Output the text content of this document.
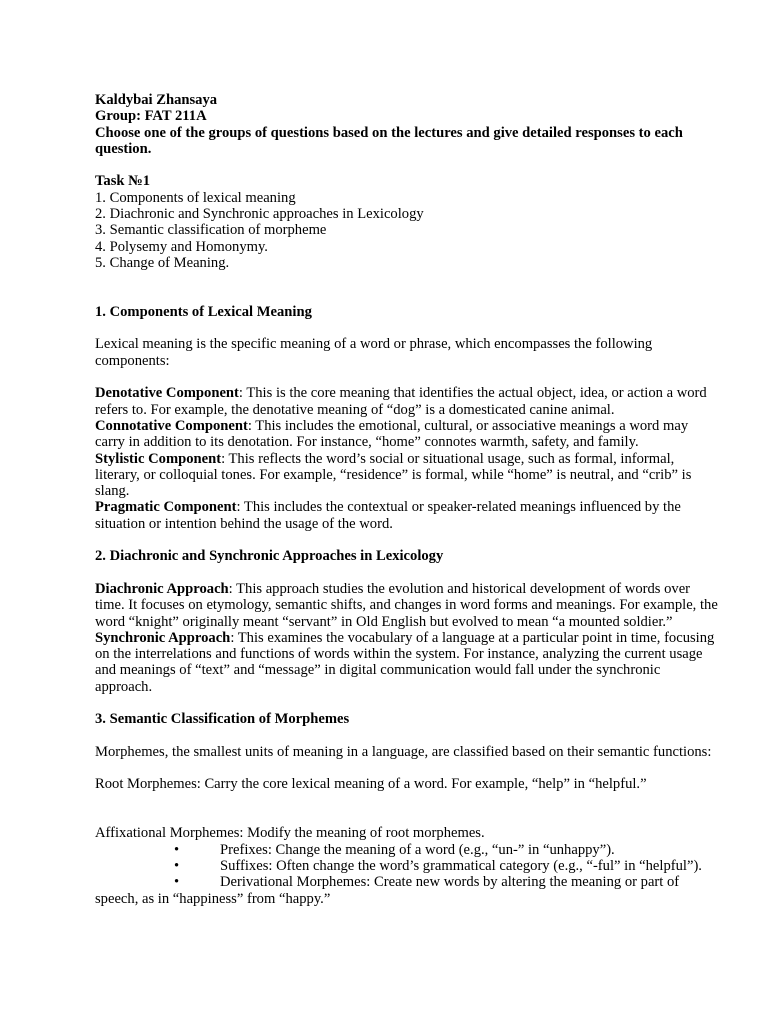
Kaldybai Zhansaya

Group: FAT 211A

Choose one of the groups of questions based on the lectures and give detailed responses to each question.

Task №1

1. Components of lexical meaning

2. Diachronic and Synchronic approaches in Lexicology

3. Semantic classification of morpheme

4. Polysemy and Homonymy.

5. Change of Meaning.

1. Components of Lexical Meaning

Lexical meaning is the specific meaning of a word or phrase, which encompasses the following components:

Denotative Component: This is the core meaning that identifies the actual object, idea, or action a word refers to. For example, the denotative meaning of “dog” is a domesticated canine animal.

Connotative Component: This includes the emotional, cultural, or associative meanings a word may carry in addition to its denotation. For instance, “home” connotes warmth, safety, and family.

Stylistic Component: This reflects the word’s social or situational usage, such as formal, informal, literary, or colloquial tones. For example, “residence” is formal, while “home” is neutral, and “crib” is slang.

Pragmatic Component: This includes the contextual or speaker-related meanings influenced by the situation or intention behind the usage of the word.

2. Diachronic and Synchronic Approaches in Lexicology

Diachronic Approach: This approach studies the evolution and historical development of words over time. It focuses on etymology, semantic shifts, and changes in word forms and meanings. For example, the word “knight” originally meant “servant” in Old English but evolved to mean “a mounted soldier.”

Synchronic Approach: This examines the vocabulary of a language at a particular point in time, focusing on the interrelations and functions of words within the system. For instance, analyzing the current usage and meanings of “text” and “message” in digital communication would fall under the synchronic approach.

3. Semantic Classification of Morphemes

Morphemes, the smallest units of meaning in a language, are classified based on their semantic functions:

Root Morphemes: Carry the core lexical meaning of a word. For example, “help” in “helpful.”

Affixational Morphemes: Modify the meaning of root morphemes.

•	Prefixes: Change the meaning of a word (e.g., “un-” in “unhappy”).
•	Suffixes: Often change the word’s grammatical category (e.g., “-ful” in “helpful”).
•	Derivational Morphemes: Create new words by altering the meaning or part of

speech, as in “happiness” from “happy.”
